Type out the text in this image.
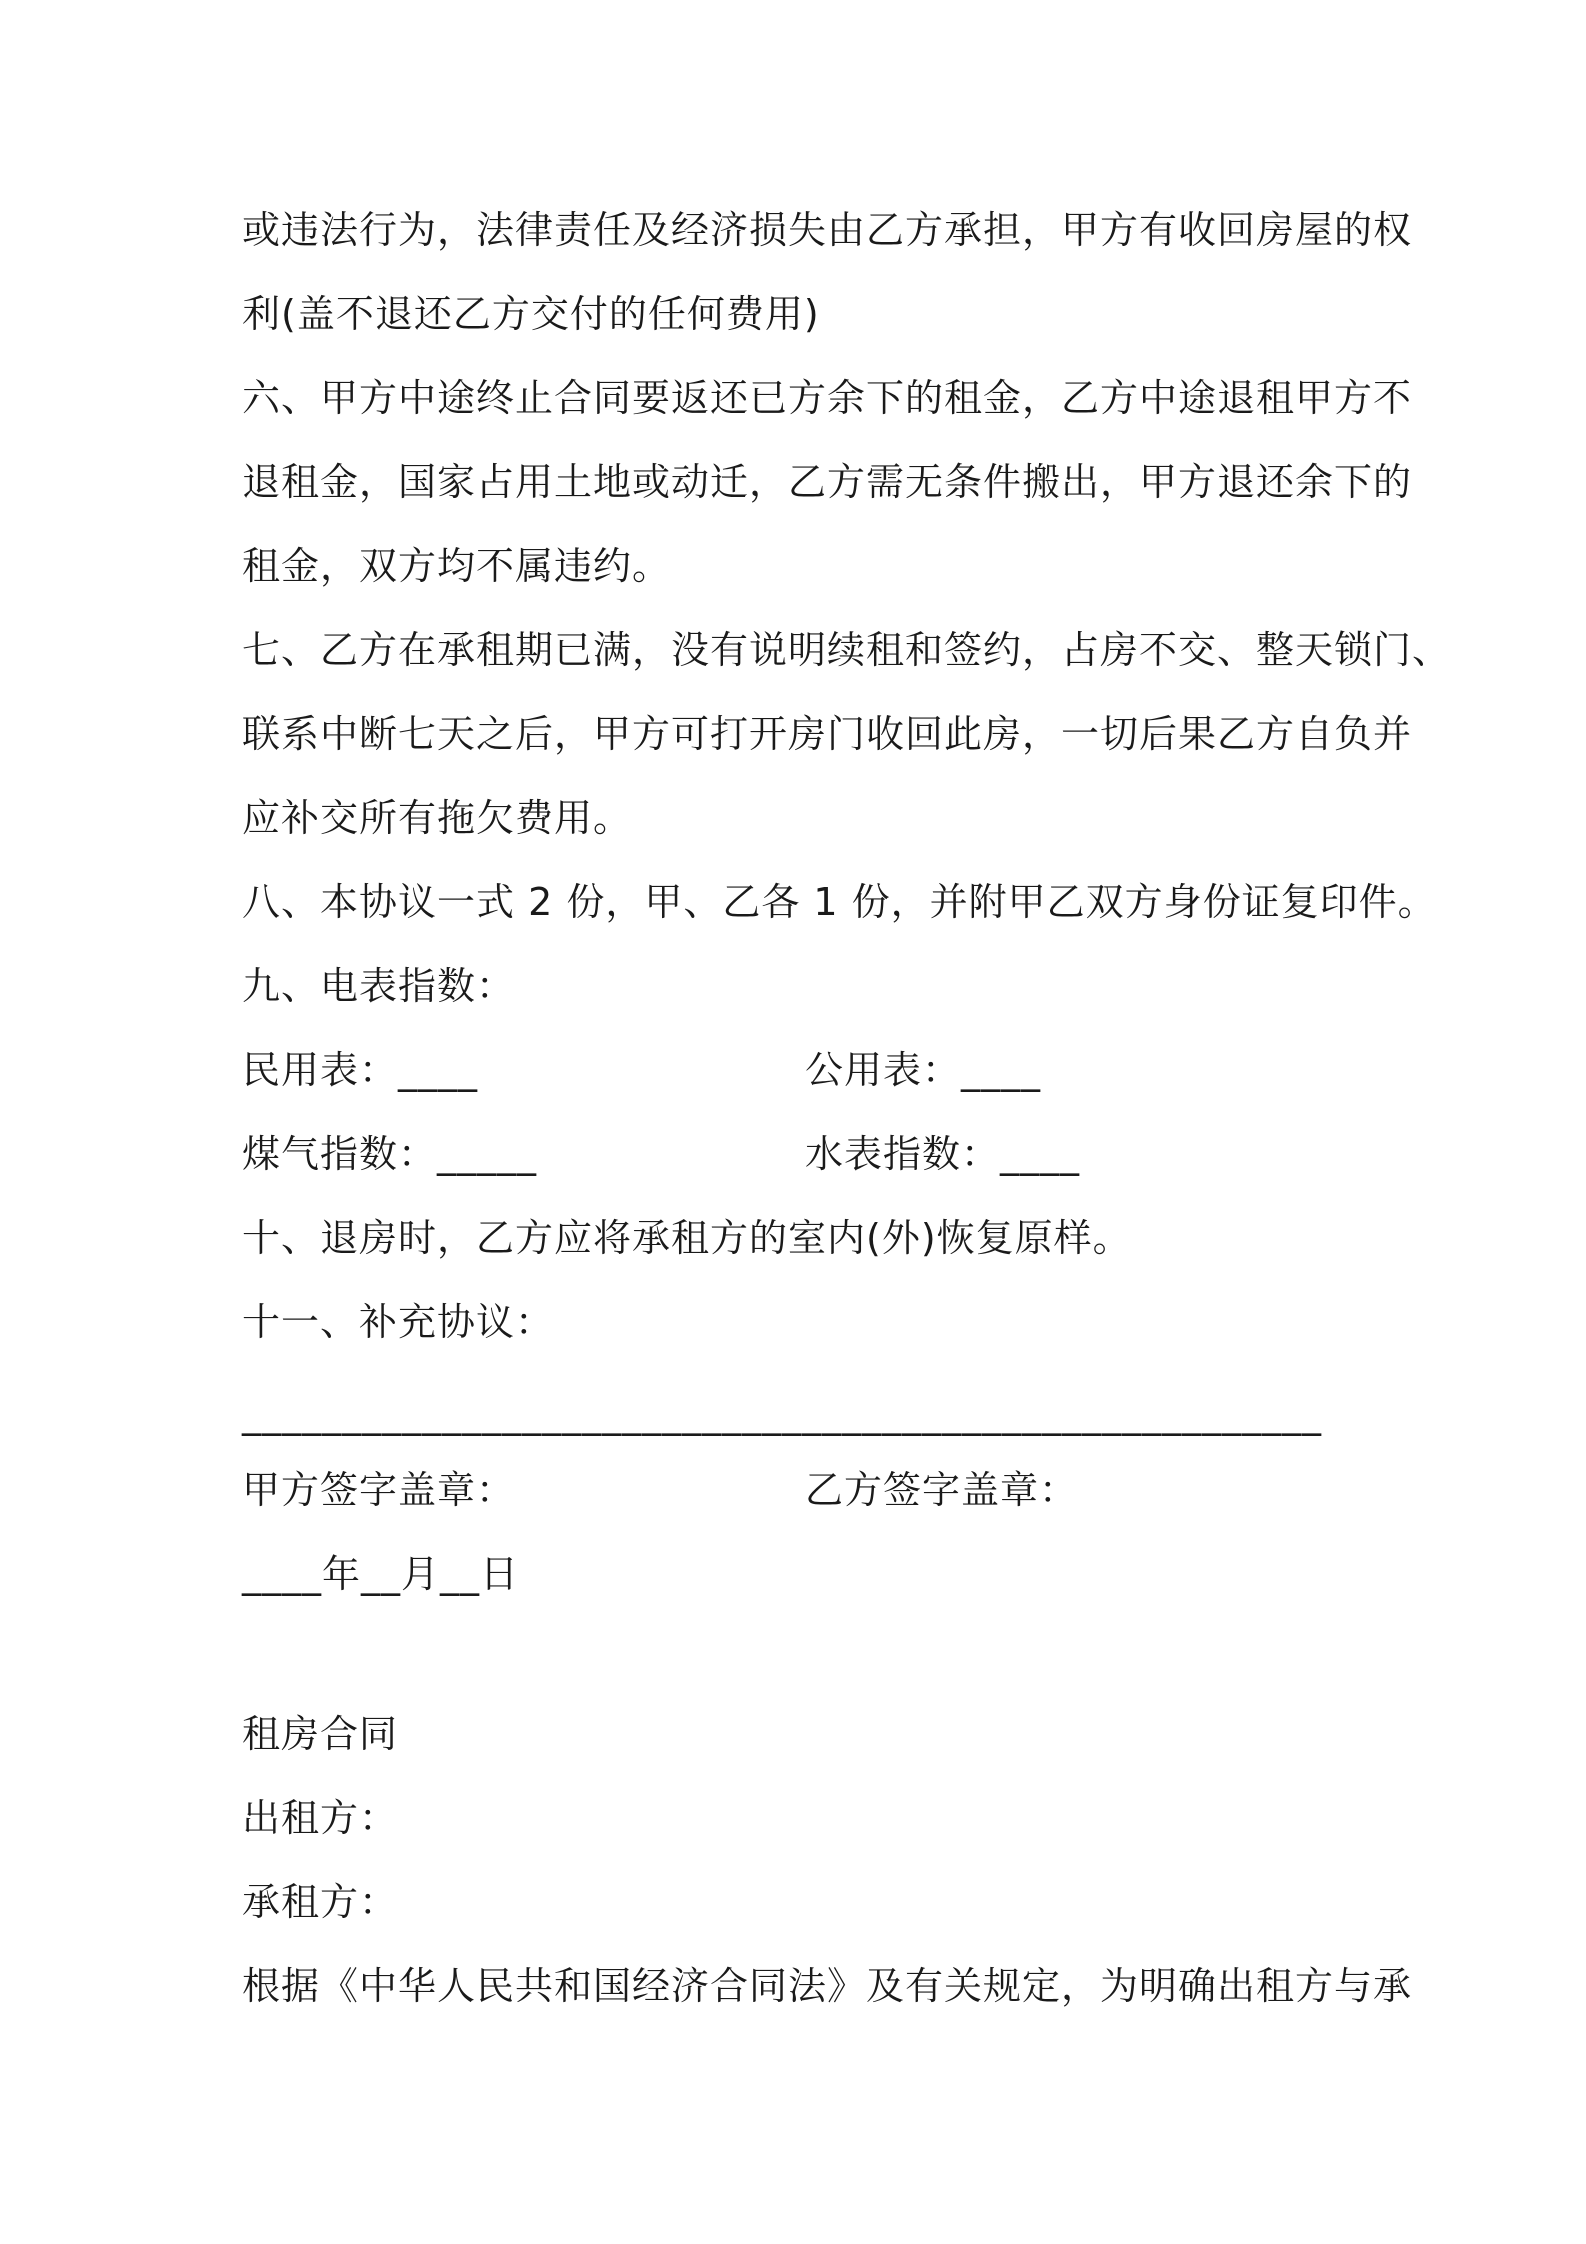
或违法行为，法律责任及经济损失由乙方承担，甲方有收回房屋的权
利(盖不退还乙方交付的任何费用)
六、甲方中途终止合同要返还已方余下的租金，乙方中途退租甲方不
退租金，国家占用土地或动迁，乙方需无条件搬出，甲方退还余下的
租金，双方均不属违约。
七、乙方在承租期已满，没有说明续租和签约，占房不交、整天锁门、
联系中断七天之后，甲方可打开房门收回此房，一切后果乙方自负并
应补交所有拖欠费用。
八、本协议一式 2 份，甲、乙各 1 份，并附甲乙双方身份证复印件。
九、电表指数：
民用表：____	公用表：____
煤气指数：_____	水表指数：____
十、退房时，乙方应将承租方的室内(外)恢复原样。
十一、补充协议：
______________________________________________________
甲方签字盖章：	乙方签字盖章：
____年__月__日
租房合同
出租方：
承租方：
根据《中华人民共和国经济合同法》及有关规定，为明确出租方与承
